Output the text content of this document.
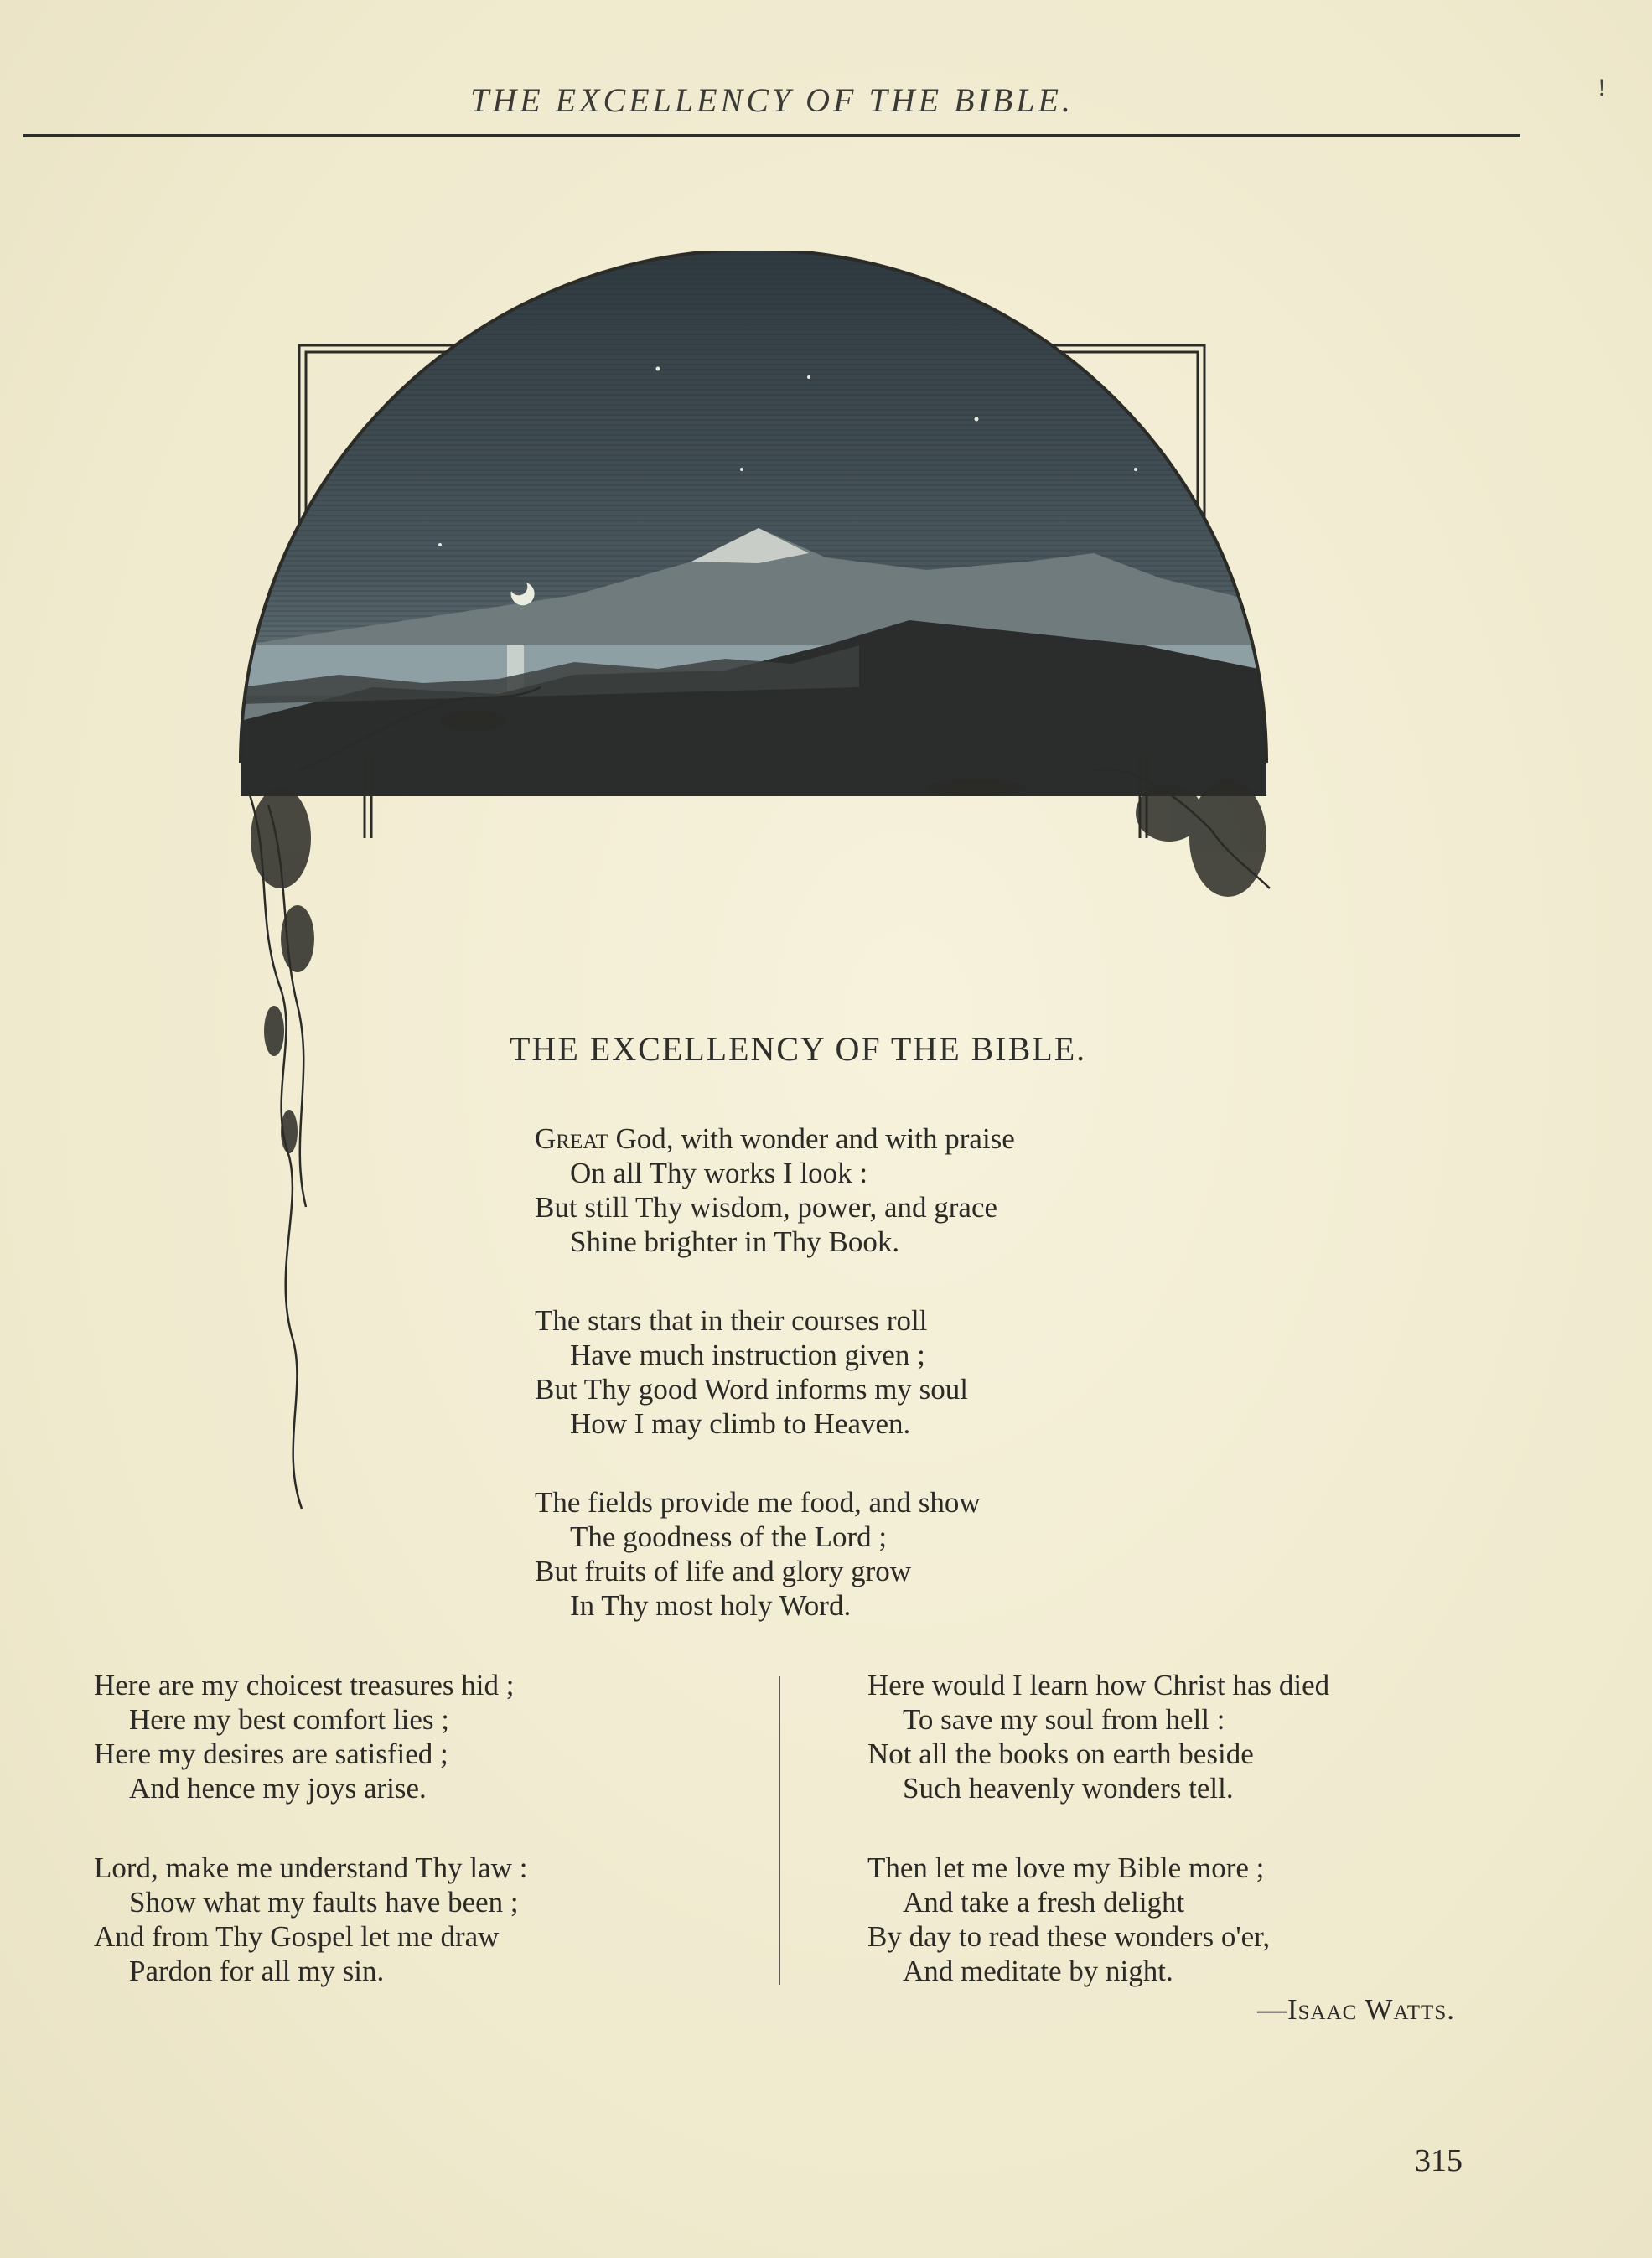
THE EXCELLENCY OF THE BIBLE.	!
THE EXCELLENCY OF THE BIBLE.
Great God, with wonder and with praise
On all Thy works I look :
But still Thy wisdom, power, and grace
Shine brighter in Thy Book.
The stars that in their courses roll
Have much instruction given ;
But Thy good Word informs my soul
How I may climb to Heaven.
The fields provide me food, and show
The goodness of the Lord ;
But fruits of life and glory grow
In Thy most holy Word.
Here are my choicest treasures hid ;
Here my best comfort lies ;
Here my desires are satisfied ;
And hence my joys arise.
Lord, make me understand Thy law :
Show what my faults have been ;
And from Thy Gospel let me draw
Pardon for all my sin.
Here would I learn how Christ has died
To save my soul from hell :
Not all the books on earth beside
Such heavenly wonders tell.
Then let me love my Bible more ;
And take a fresh delight
By day to read these wonders o'er,
And meditate by night.
—Isaac Watts.
315
